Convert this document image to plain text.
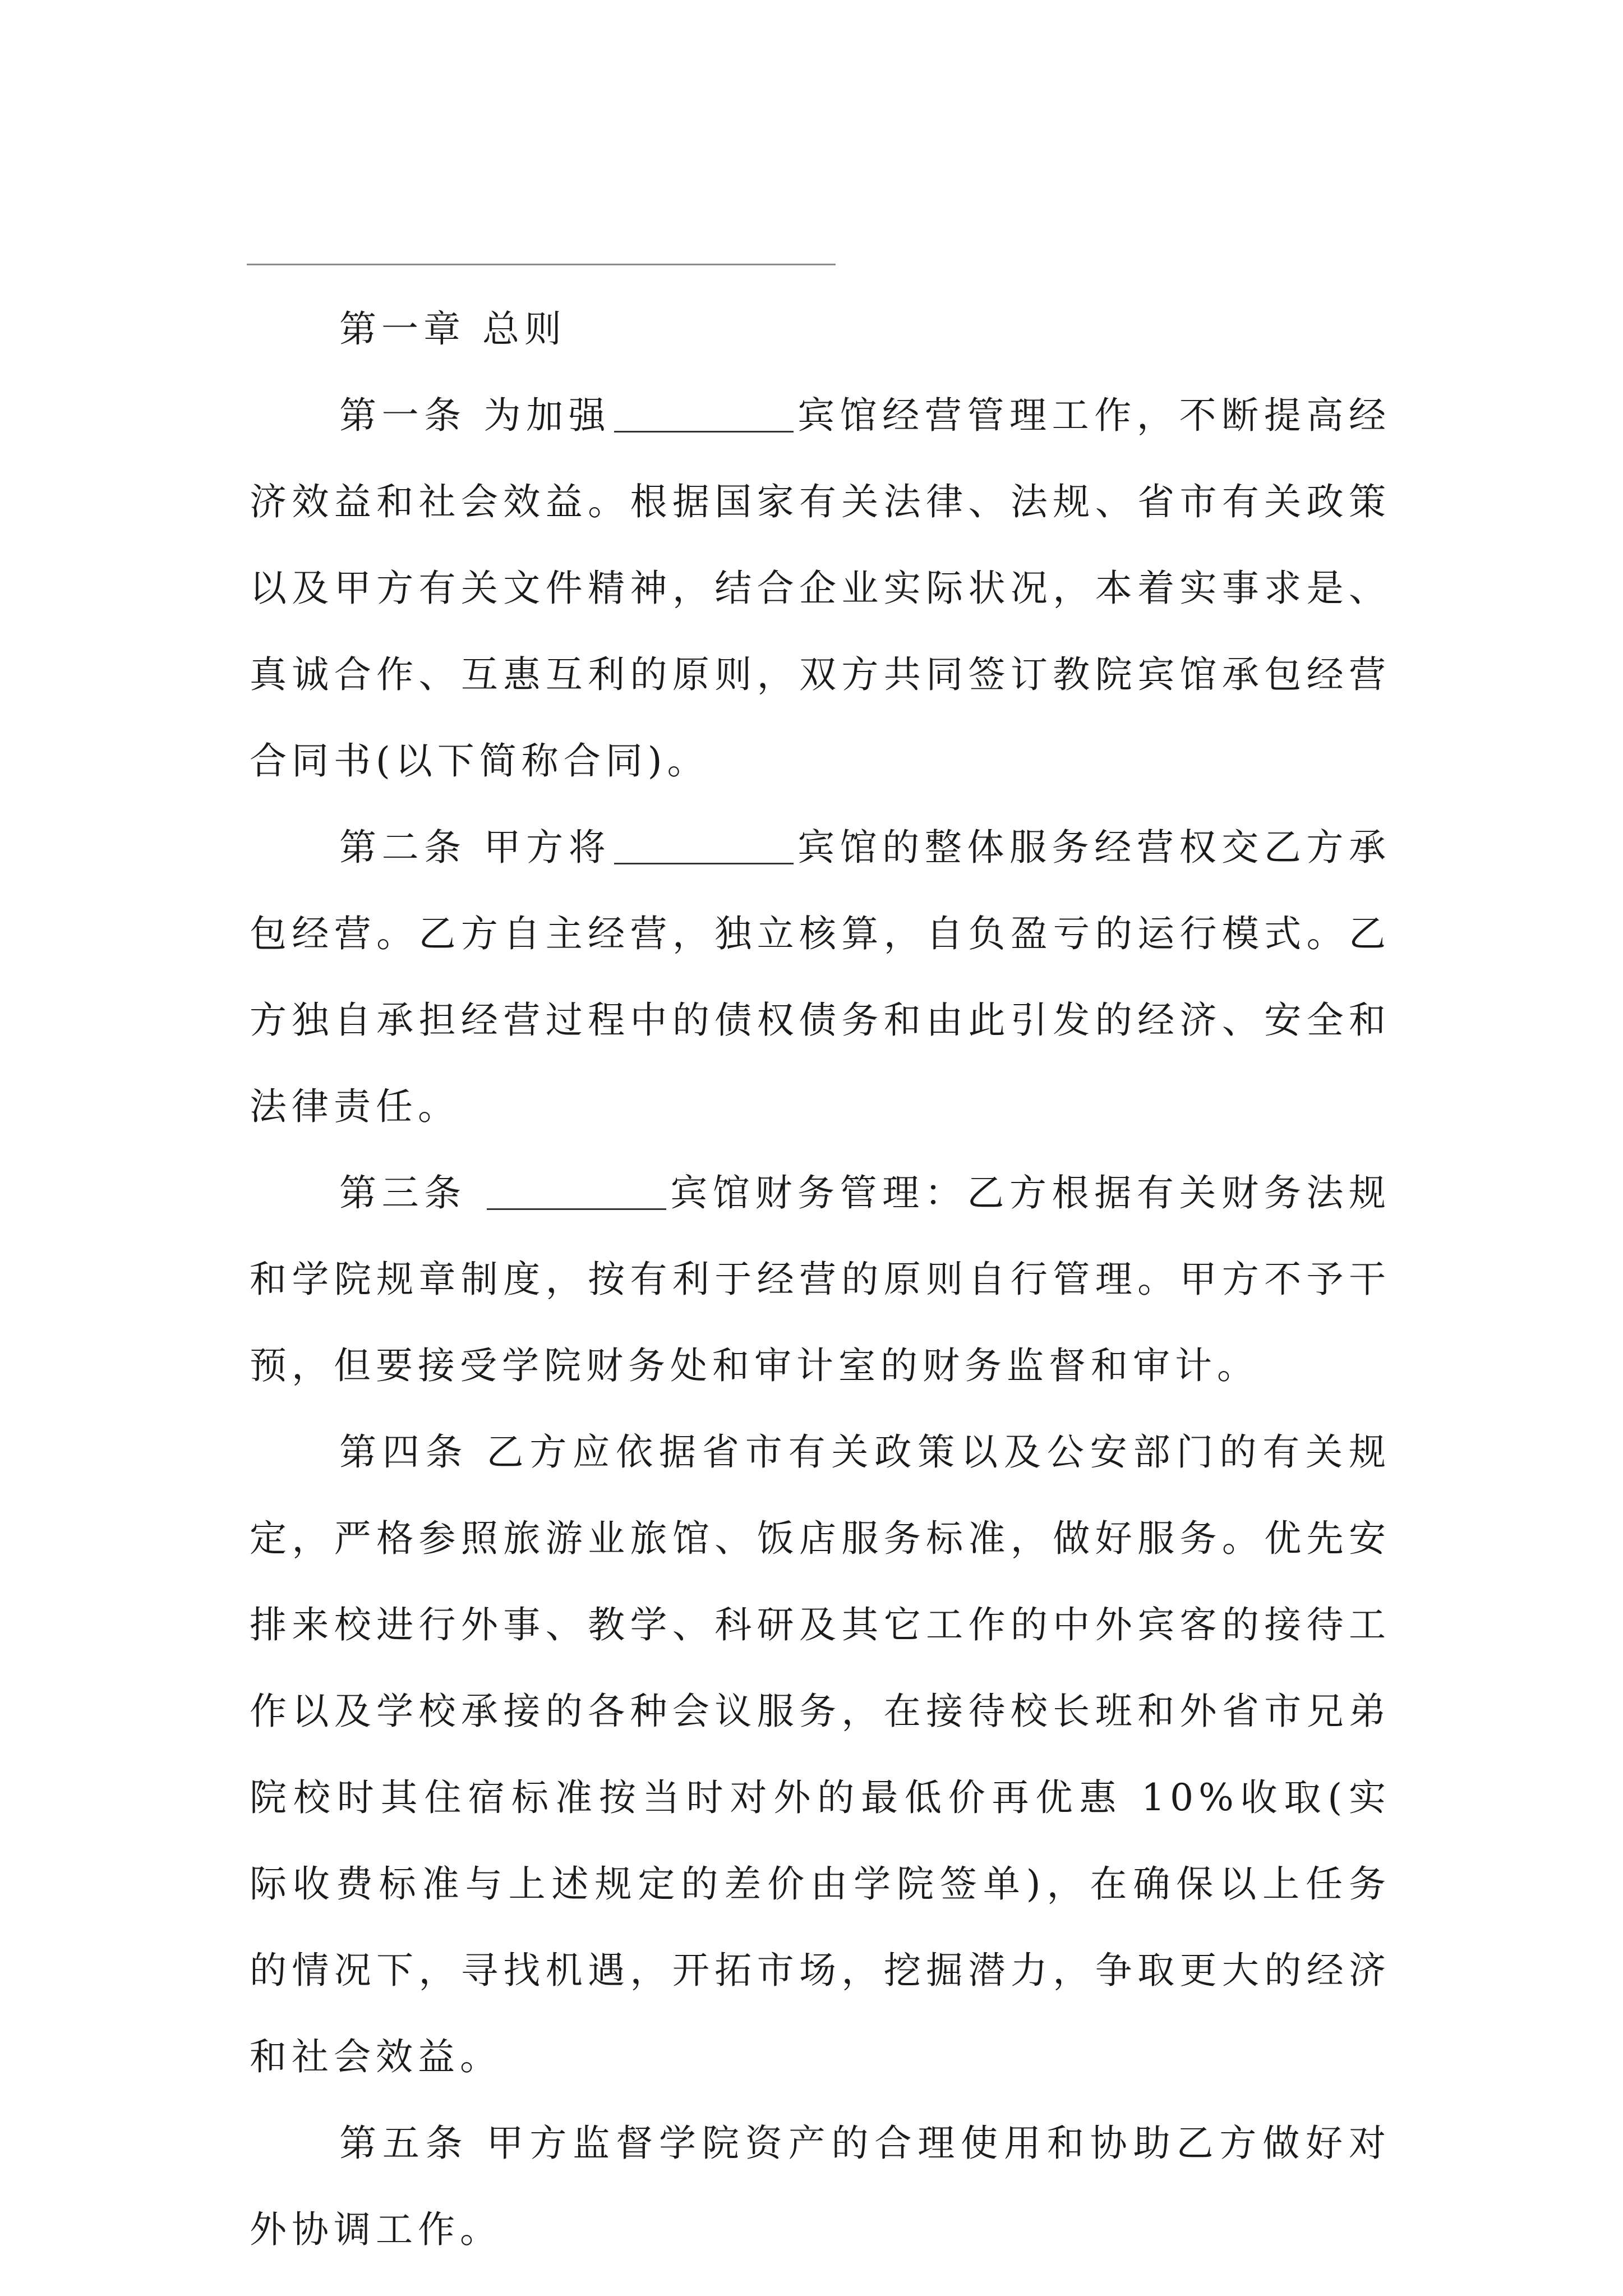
第一章 总则

第一条 为加强	宾馆经营管理工作，不断提高经济效益和社会效益。根据国家有关法律、法规、省市有关政策以及甲方有关文件精神，结合企业实际状况，本着实事求是、真诚合作、互惠互利的原则，双方共同签订教院宾馆承包经营合同书(以下简称合同)。

第二条 甲方将	宾馆的整体服务经营权交乙方承包经营。乙方自主经营，独立核算，自负盈亏的运行模式。乙方独自承担经营过程中的债权债务和由此引发的经济、安全和法律责任。

第三条	宾馆财务管理：乙方根据有关财务法规和学院规章制度，按有利于经营的原则自行管理。甲方不予干预，但要接受学院财务处和审计室的财务监督和审计。

第四条 乙方应依据省市有关政策以及公安部门的有关规定，严格参照旅游业旅馆、饭店服务标准，做好服务。优先安排来校进行外事、教学、科研及其它工作的中外宾客的接待工作以及学校承接的各种会议服务，在接待校长班和外省市兄弟院校时其住宿标准按当时对外的最低价再优惠 10%收取(实际收费标准与上述规定的差价由学院签单)，在确保以上任务的情况下，寻找机遇，开拓市场，挖掘潜力，争取更大的经济和社会效益。

第五条 甲方监督学院资产的合理使用和协助乙方做好对外协调工作。
